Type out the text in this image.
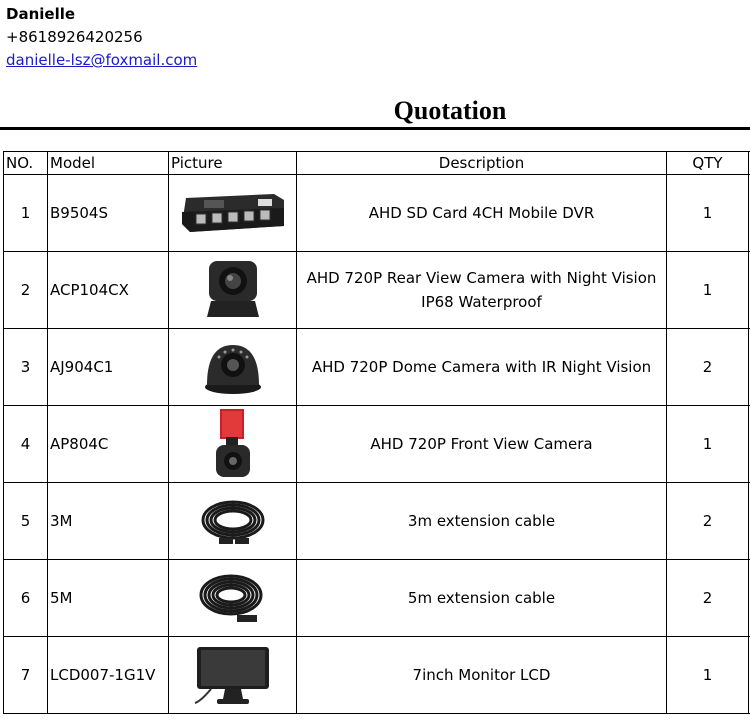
Danielle
+8618926420256
danielle-lsz@foxmail.com
Quotation
NO.	Model	Picture	Description	QTY	
1	B9504S		AHD SD Card 4CH Mobile DVR	1	
2	ACP104CX		AHD 720P Rear View Camera with Night Vision
IP68 Waterproof	1	
3	AJ904C1		AHD 720P Dome Camera with IR Night Vision	2	
4	AP804C		AHD 720P Front View Camera	1	
5	3M		3m extension cable	2	
6	5M		5m extension cable	2	
7	LCD007-1G1V		7inch Monitor LCD	1	
